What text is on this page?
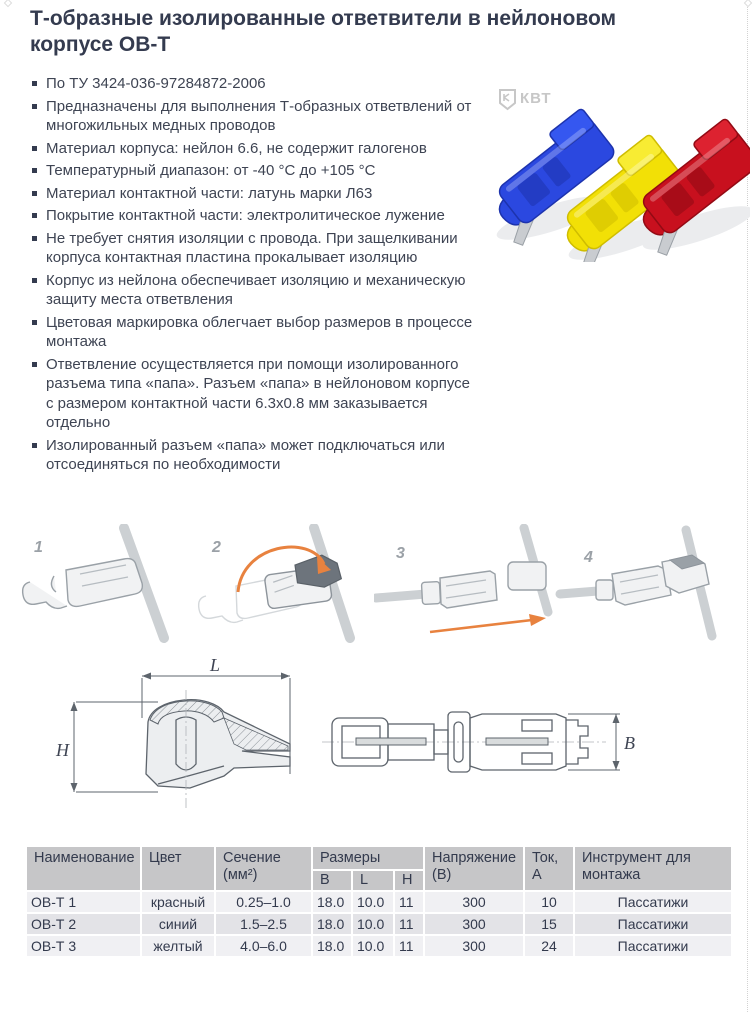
Т-образные изолированные ответвители в нейлоновом корпусе ОВ-Т
По ТУ 3424-036-97284872-2006
Предназначены для выполнения Т-образных ответвлений от многожильных медных проводов
Материал корпуса: нейлон 6.6, не содержит галогенов
Температурный диапазон: от -40 °С до +105 °С
Материал контактной части: латунь марки Л63
Покрытие контактной части: электролитическое лужение
Не требует снятия изоляции с провода. При защелкивании корпуса контактная пластина прокалывает изоляцию
Корпус из нейлона обеспечивает изоляцию и механическую защиту места ответвления
Цветовая маркировка облегчает выбор размеров в процессе монтажа
Ответвление осуществляется при помощи изолированного разъема типа «папа». Разъем «папа» в нейлоновом корпусе с размером контактной части 6.3х0.8 мм заказывается отдельно
Изолированный разъем «папа» может подключаться или отсоединяться по необходимости
КВТ
1	2	3	4
L
H	B
Наименование	Цвет	Сечение (мм²)	Размеры			Напряжение (В)	Ток, А	Инструмент для монтажа
			B	L	H			
ОВ-Т 1	красный	0.25–1.0	18.0	10.0	11	300	10	Пассатижи
ОВ-Т 2	синий	1.5–2.5	18.0	10.0	11	300	15	Пассатижи
ОВ-Т 3	желтый	4.0–6.0	18.0	10.0	11	300	24	Пассатижи
